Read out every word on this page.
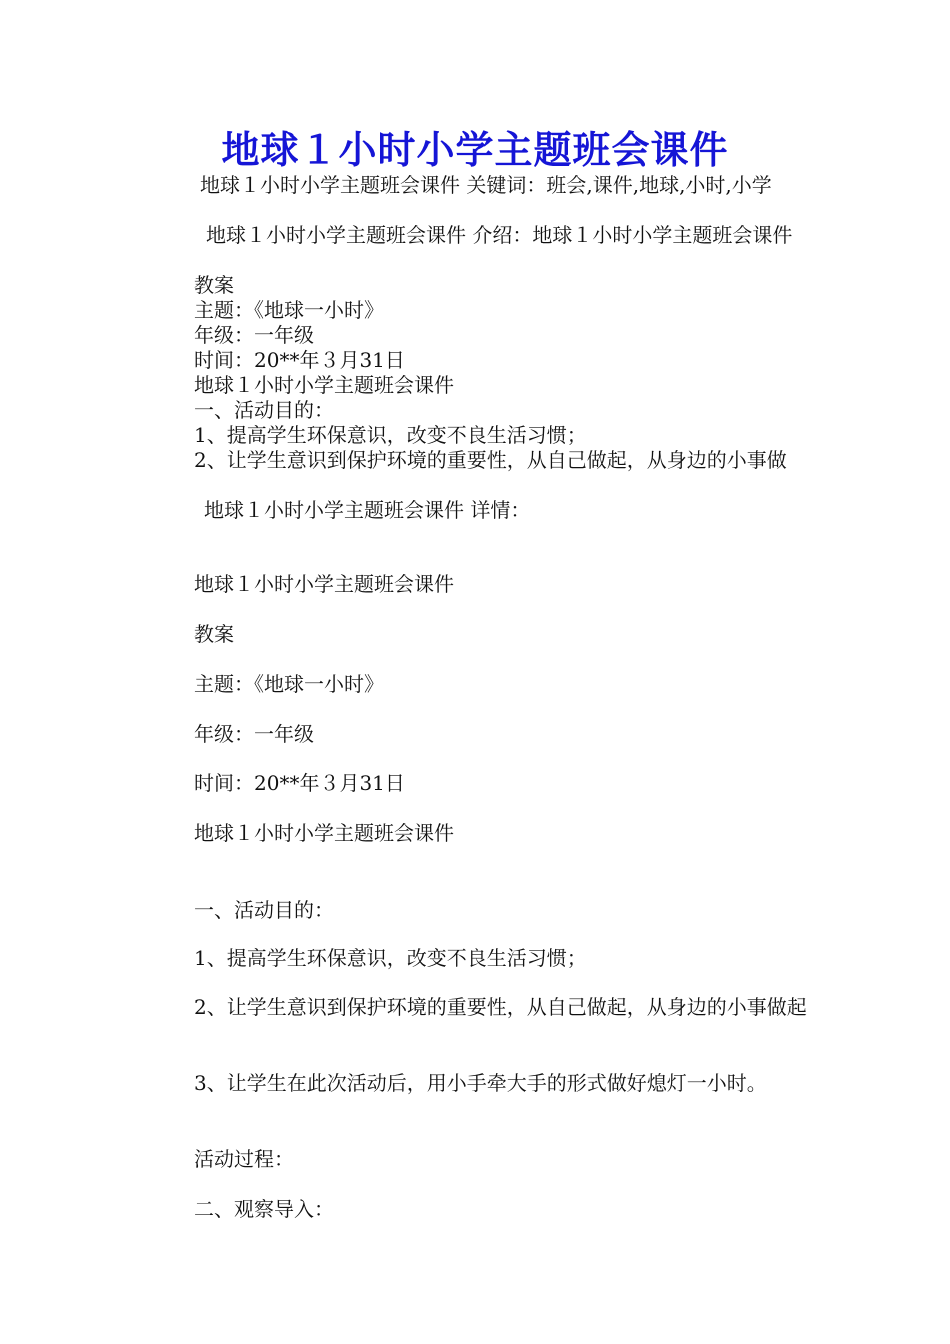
地球１小时小学主题班会课件
地球１小时小学主题班会课件 关键词：班会,课件,地球,小时,小学
地球１小时小学主题班会课件 介绍：地球１小时小学主题班会课件
教案
主题：《地球一小时》
年级：一年级
时间：20**年３月31日
地球１小时小学主题班会课件
一、活动目的：
1、提高学生环保意识，改变不良生活习惯；
2、让学生意识到保护环境的重要性，从自己做起，从身边的小事做
地球１小时小学主题班会课件 详情：
地球１小时小学主题班会课件
教案
主题：《地球一小时》
年级：一年级
时间：20**年３月31日
地球１小时小学主题班会课件
一、活动目的：
1、提高学生环保意识，改变不良生活习惯；
2、让学生意识到保护环境的重要性，从自己做起，从身边的小事做起
3、让学生在此次活动后，用小手牵大手的形式做好熄灯一小时。
活动过程：
二、观察导入：
